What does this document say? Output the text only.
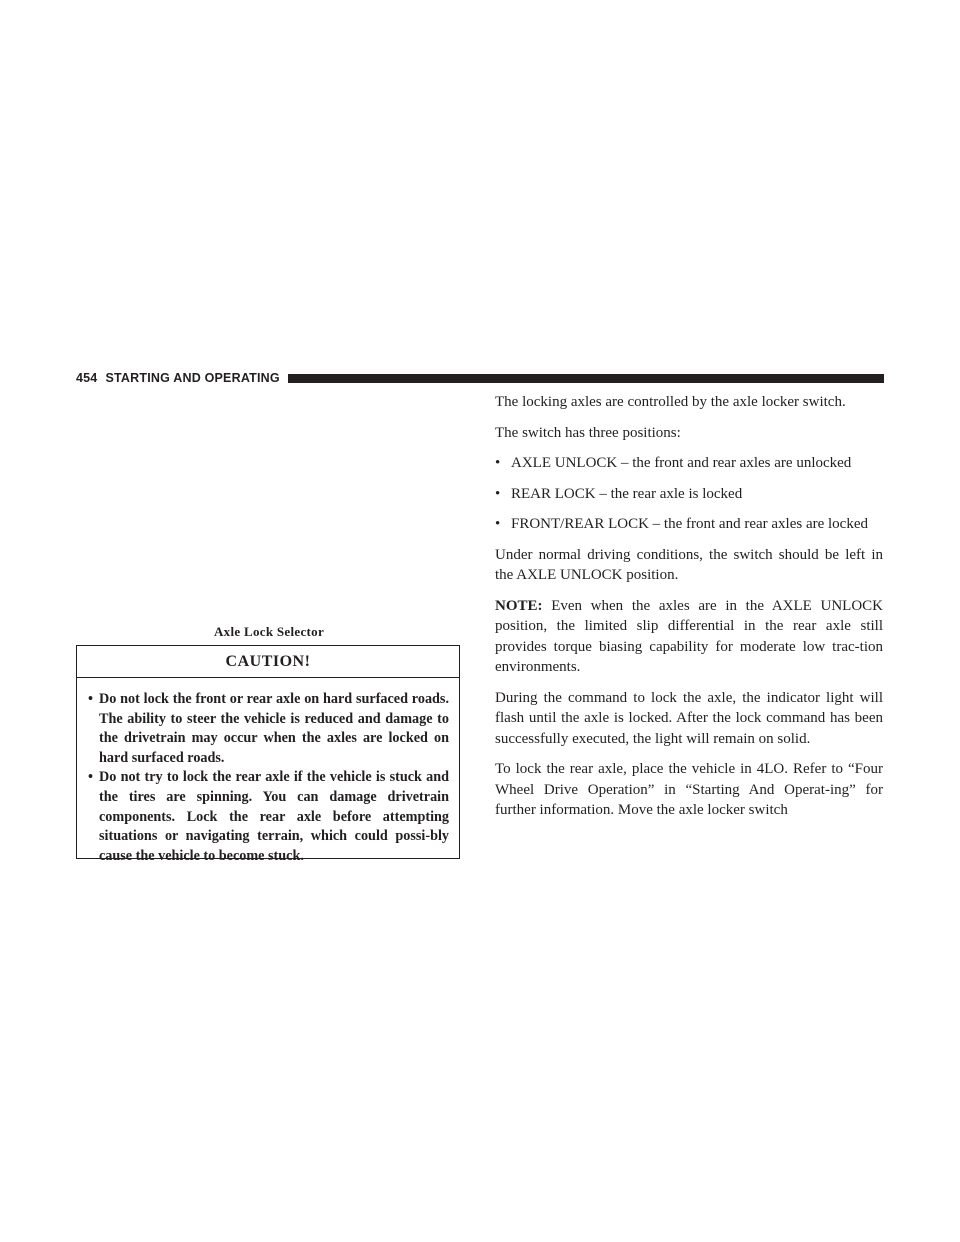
454 STARTING AND OPERATING
Axle Lock Selector
CAUTION!
• Do not lock the front or rear axle on hard surfaced roads. The ability to steer the vehicle is reduced and damage to the drivetrain may occur when the axles are locked on hard surfaced roads.
• Do not try to lock the rear axle if the vehicle is stuck and the tires are spinning. You can damage drivetrain components. Lock the rear axle before attempting situations or navigating terrain, which could possi-bly cause the vehicle to become stuck.

The locking axles are controlled by the axle locker switch.

The switch has three positions:

• AXLE UNLOCK – the front and rear axles are unlocked
• REAR LOCK – the rear axle is locked
• FRONT/REAR LOCK – the front and rear axles are locked

Under normal driving conditions, the switch should be left in the AXLE UNLOCK position.

NOTE: Even when the axles are in the AXLE UNLOCK position, the limited slip differential in the rear axle still provides torque biasing capability for moderate low trac-tion environments.

During the command to lock the axle, the indicator light will flash until the axle is locked. After the lock command has been successfully executed, the light will remain on solid.

To lock the rear axle, place the vehicle in 4LO. Refer to “Four Wheel Drive Operation” in “Starting And Operat-ing” for further information. Move the axle locker switch
